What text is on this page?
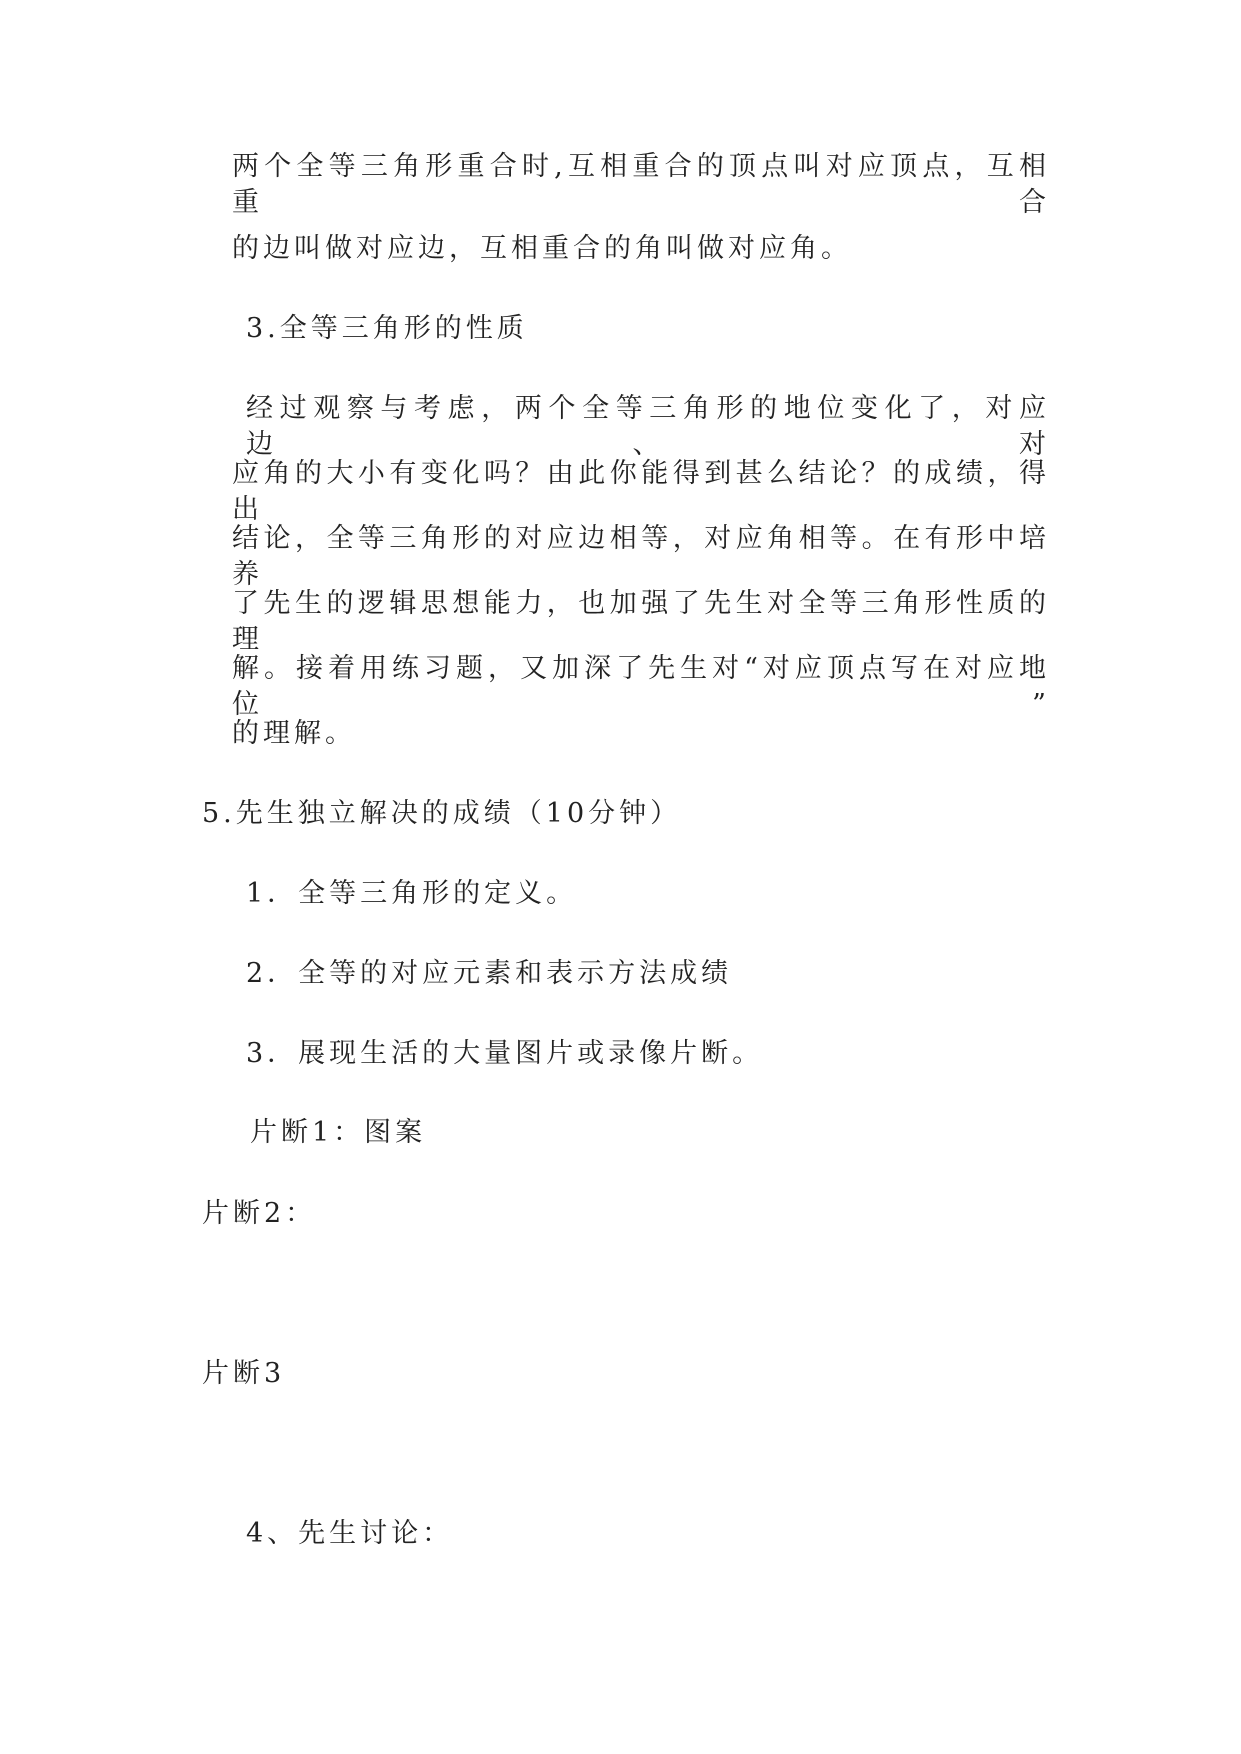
两个全等三角形重合时,互相重合的顶点叫对应顶点，互相重合
的边叫做对应边，互相重合的角叫做对应角。
3.全等三角形的性质
经过观察与考虑，两个全等三角形的地位变化了，对应边、对
应角的大小有变化吗？由此你能得到甚么结论？的成绩，得出
结论，全等三角形的对应边相等，对应角相等。在有形中培养
了先生的逻辑思想能力，也加强了先生对全等三角形性质的理
解。接着用练习题，又加深了先生对“对应顶点写在对应地位”
的理解。
5.先生独立解决的成绩（10分钟）
1．全等三角形的定义。
2．全等的对应元素和表示方法成绩
3．展现生活的大量图片或录像片断。
片断1：图案
片断2：
片断3
4、先生讨论：
